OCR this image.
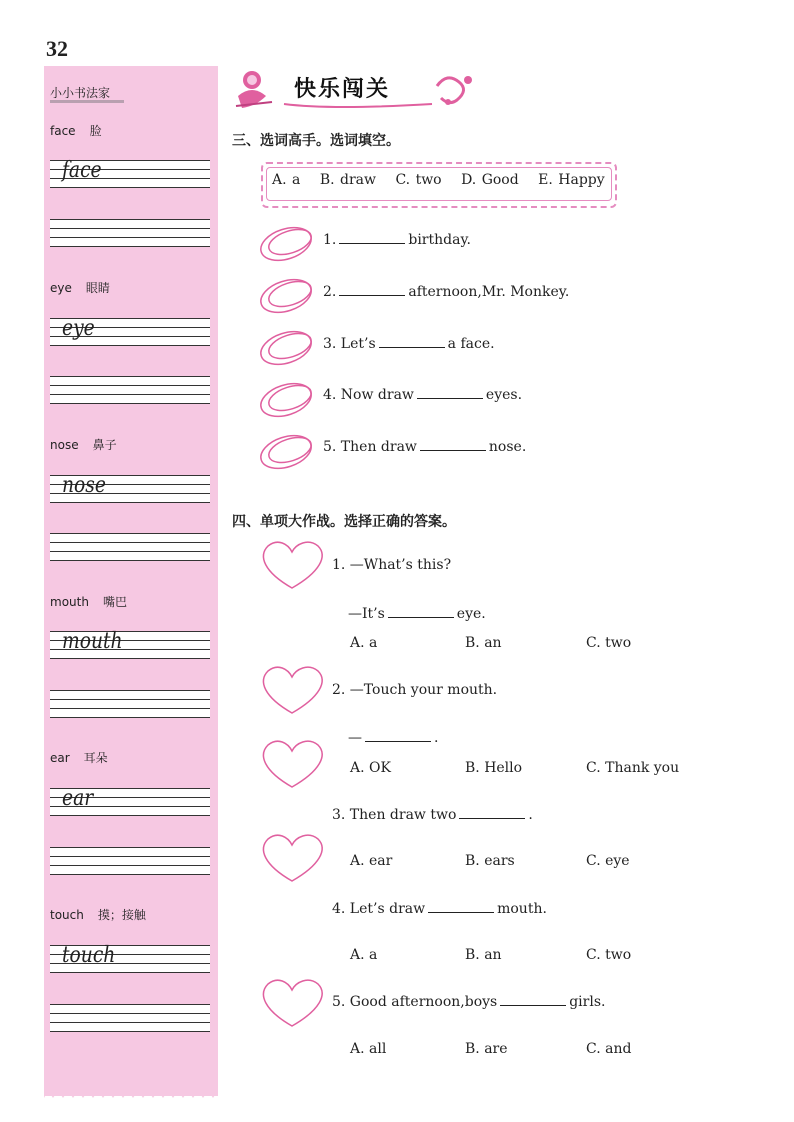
32
小小书法家
face 脸
face
eye 眼睛
eye
nose 鼻子
nose
mouth 嘴巴
mouth
ear 耳朵
ear
touch 摸；接触
touch
快乐闯关
三、选词高手。选词填空。
A. a B. draw C. two D. Good E. Happy
1.	birthday.
2.	afternoon,Mr. Monkey.
3. Let’s	a face.
4. Now draw	eyes.
5. Then draw	nose.
四、单项大作战。选择正确的答案。
1. —What’s this?
—It’s	eye.
A. a	B. an	C. two
2. —Touch your mouth.
—	.
A. OK	B. Hello	C. Thank you
3. Then draw two	.
A. ear	B. ears	C. eye
4. Let’s draw	mouth.
A. a	B. an	C. two
5. Good afternoon,boys	girls.
A. all	B. are	C. and
